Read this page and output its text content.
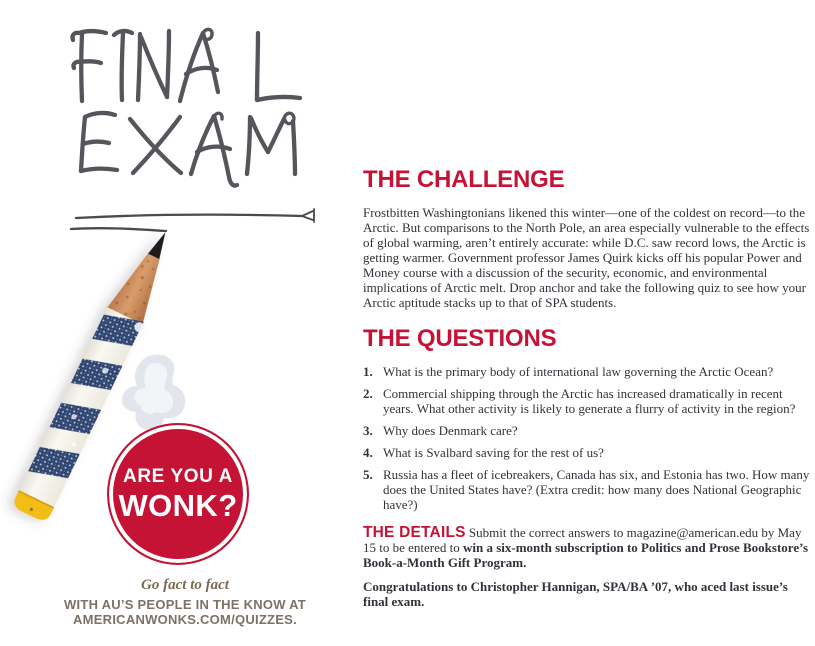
ARE YOU A
WONK?
Go fact to fact
WITH AU’S PEOPLE IN THE KNOW AT
AMERICANWONKS.COM/QUIZZES.
THE CHALLENGE

Frostbitten Washingtonians likened this winter—one of the coldest on record—to the Arctic. But comparisons to the North Pole, an area especially vulnerable to the effects of global warming, aren’t entirely accurate: while D.C. saw record lows, the Arctic is getting warmer. Government professor James Quirk kicks off his popular Power and Money course with a discussion of the security, economic, and environmental implications of Arctic melt. Drop anchor and take the following quiz to see how your Arctic aptitude stacks up to that of SPA students.

THE QUESTIONS
1. What is the primary body of international law governing the Arctic Ocean?
2. Commercial shipping through the Arctic has increased dramatically in recent years. What other activity is likely to generate a flurry of activity in the region?
3. Why does Denmark care?
4. What is Svalbard saving for the rest of us?
5. Russia has a fleet of icebreakers, Canada has six, and Estonia has two. How many does the United States have? (Extra credit: how many does National Geographic have?)

THE DETAILS Submit the correct answers to magazine@american.edu by May 15 to be entered to win a six-month subscription to Politics and Prose Bookstore’s Book-a-Month Gift Program.

Congratulations to Christopher Hannigan, SPA/BA ’07, who aced last issue’s final exam.
